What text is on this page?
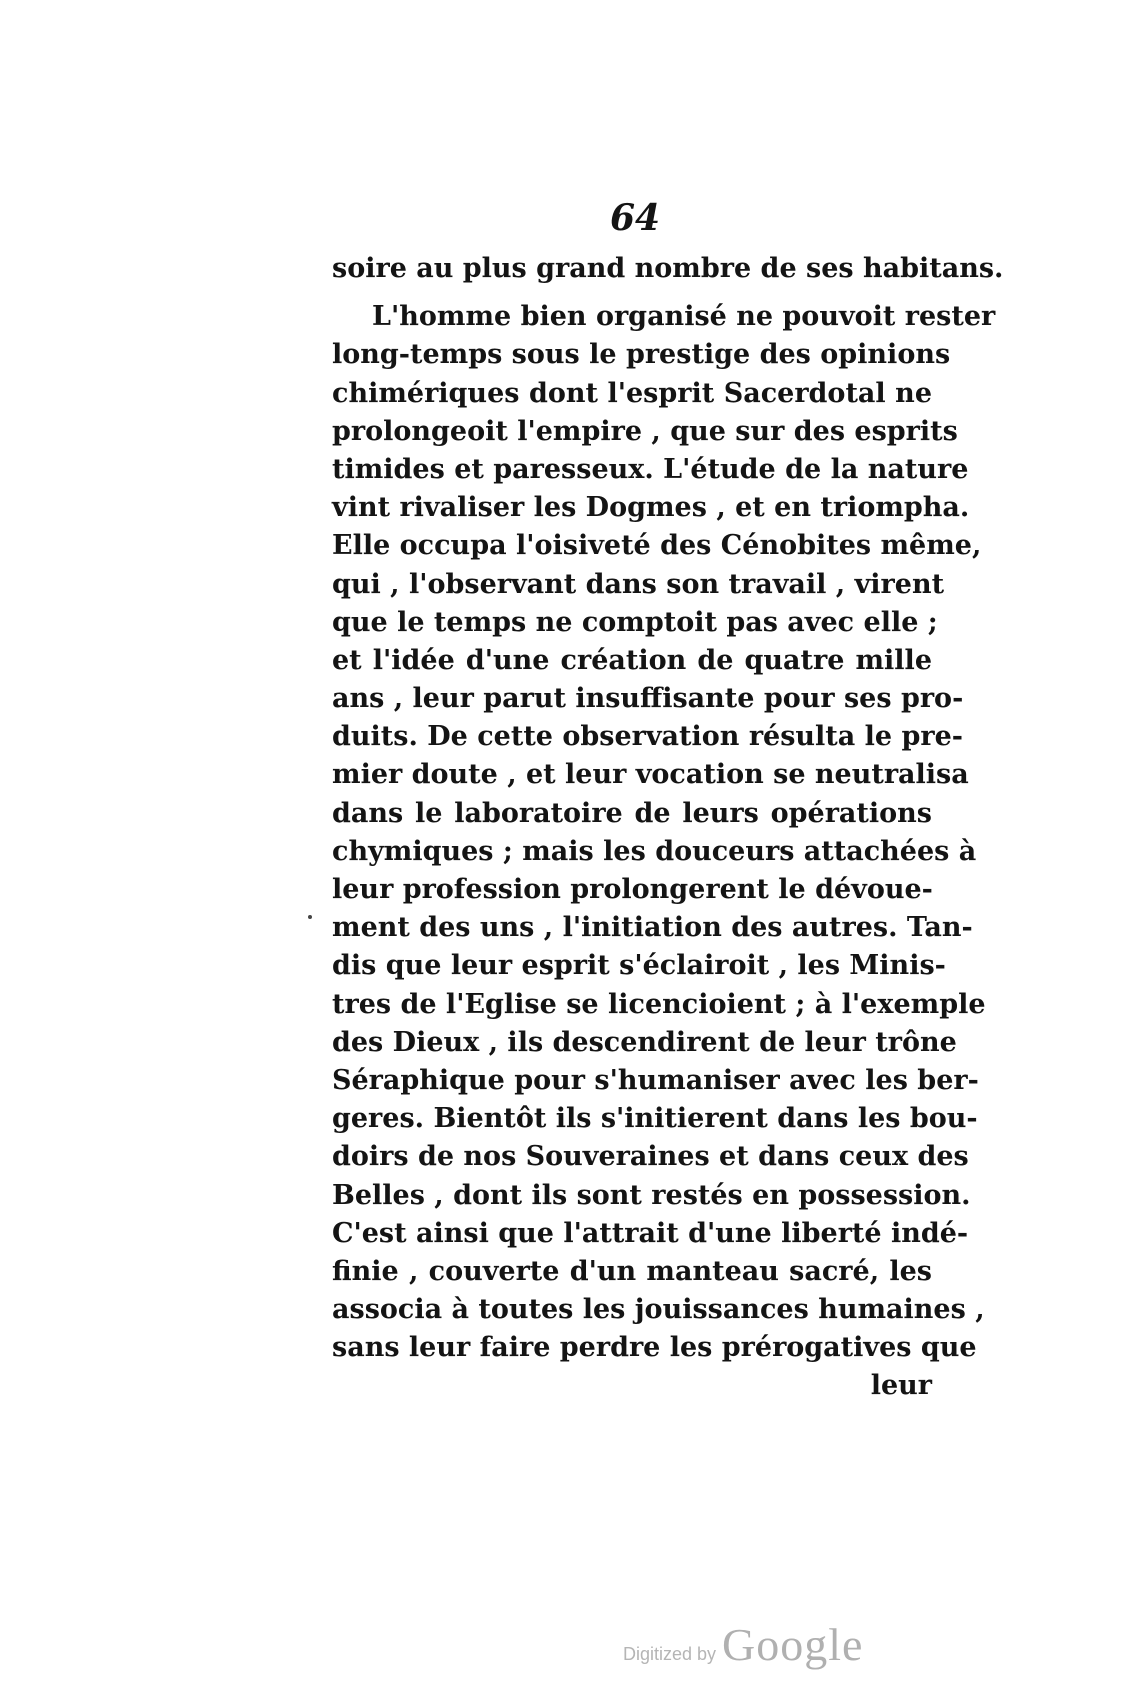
64
soire au plus grand nombre de ses habitans.
L'homme bien organisé ne pouvoit rester
long-temps sous le prestige des opinions
chimériques dont l'esprit Sacerdotal ne
prolongeoit l'empire , que sur des esprits
timides et paresseux. L'étude de la nature
vint rivaliser les Dogmes , et en triompha.
Elle occupa l'oisiveté des Cénobites même,
qui , l'observant dans son travail , virent
que le temps ne comptoit pas avec elle ;
et l'idée d'une création de quatre mille
ans , leur parut insuffisante pour ses pro-
duits. De cette observation résulta le pre-
mier doute , et leur vocation se neutralisa
dans le laboratoire de leurs opérations
chymiques ; mais les douceurs attachées à
leur profession prolongerent le dévoue-
ment des uns , l'initiation des autres. Tan-
dis que leur esprit s'éclairoit , les Minis-
tres de l'Eglise se licencioient ; à l'exemple
des Dieux , ils descendirent de leur trône
Séraphique pour s'humaniser avec les ber-
geres. Bientôt ils s'initierent dans les bou-
doirs de nos Souveraines et dans ceux des
Belles , dont ils sont restés en possession.
C'est ainsi que l'attrait d'une liberté indé-
finie , couverte d'un manteau sacré, les
associa à toutes les jouissances humaines ,
sans leur faire perdre les prérogatives que
leur
Digitized by Google
